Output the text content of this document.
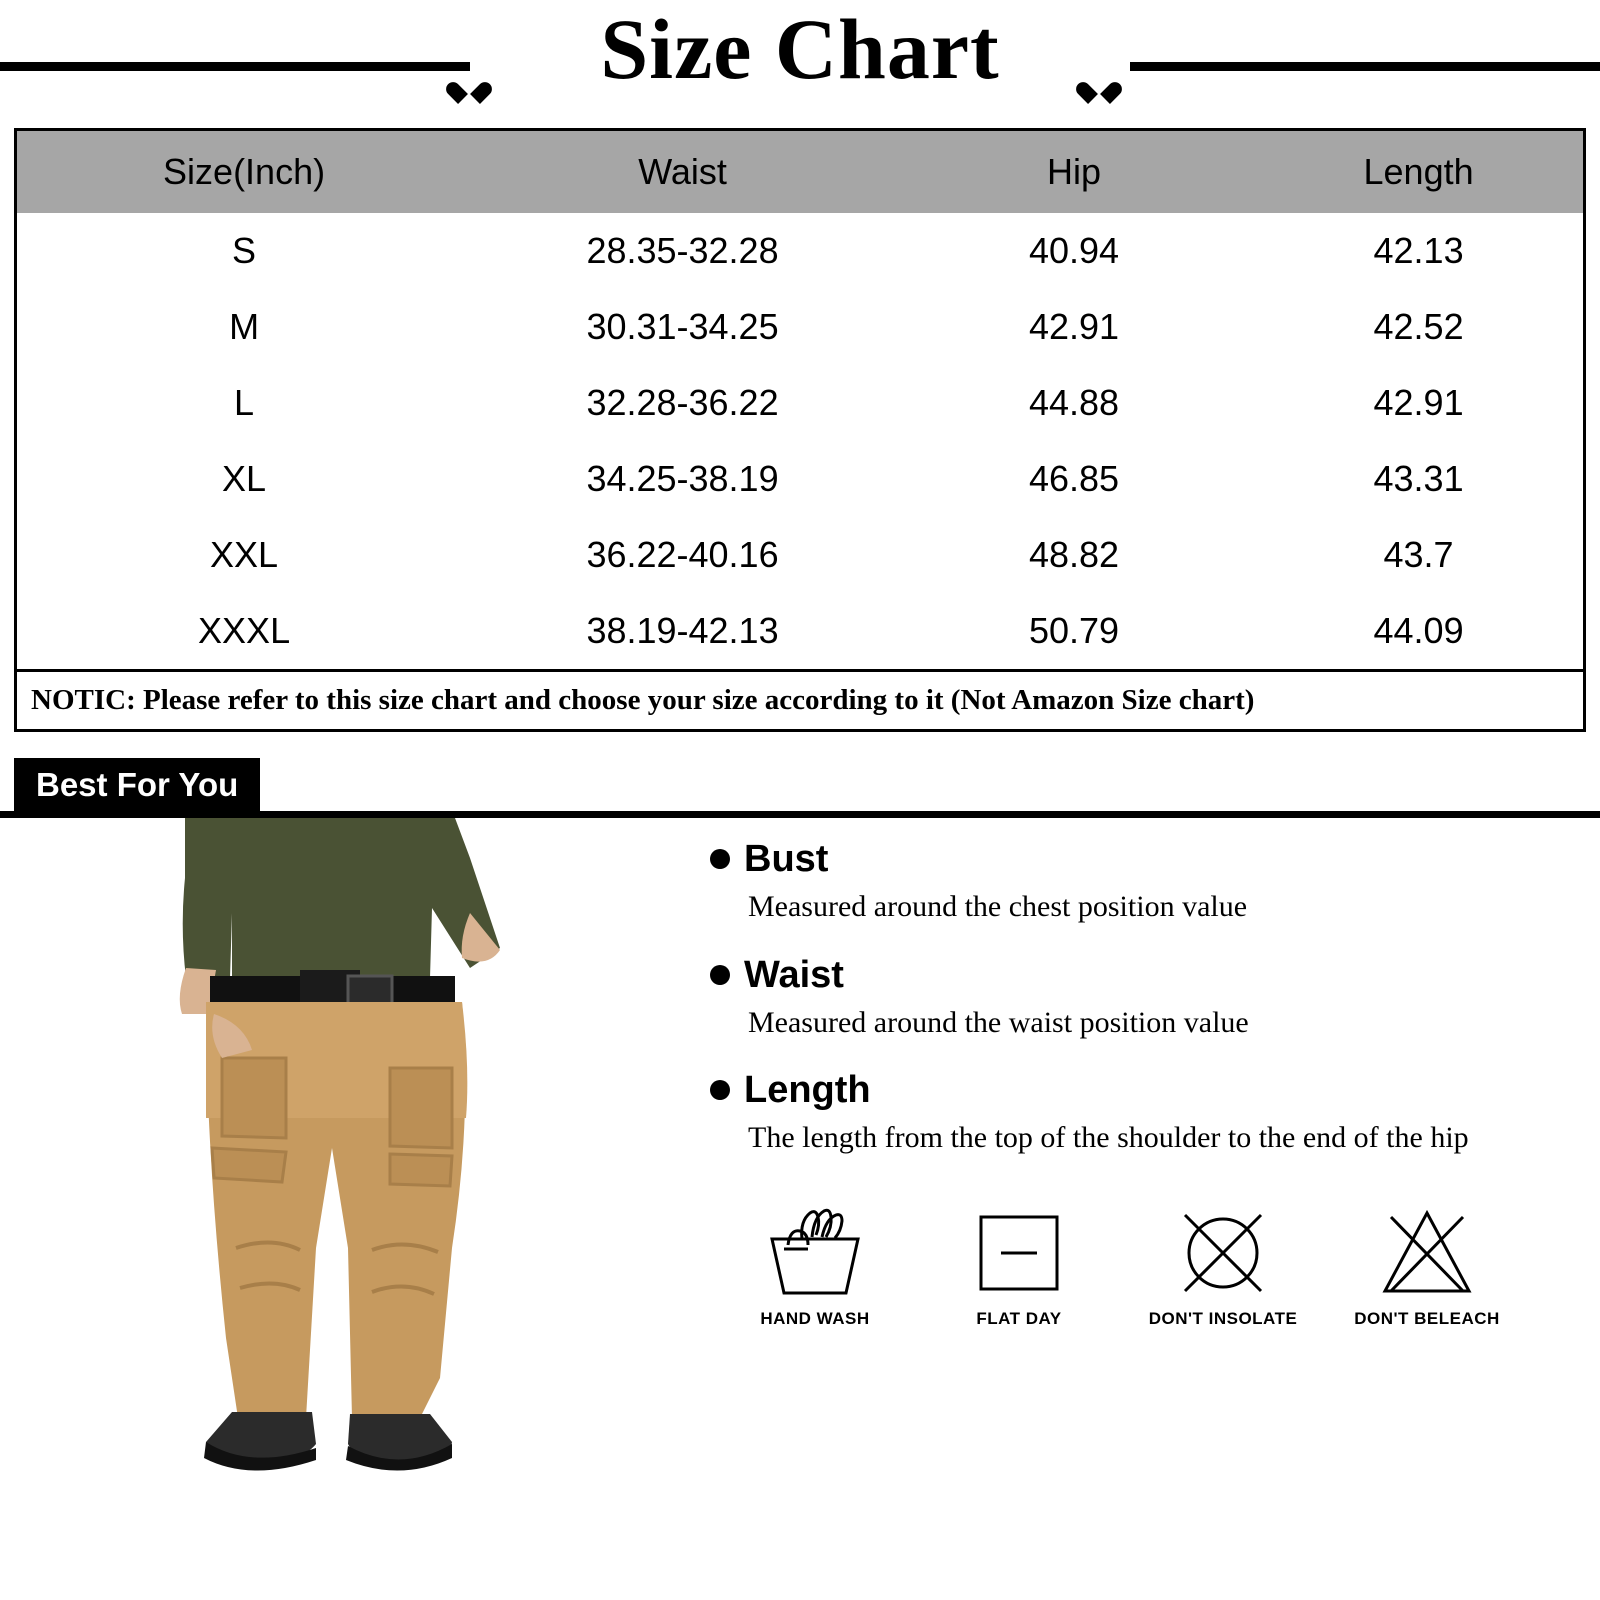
Size Chart
Size(Inch)	Waist	Hip	Length
S	28.35-32.28	40.94	42.13
M	30.31-34.25	42.91	42.52
L	32.28-36.22	44.88	42.91
XL	34.25-38.19	46.85	43.31
XXL	36.22-40.16	48.82	43.7
XXXL	38.19-42.13	50.79	44.09
NOTIC: Please refer to this size chart and choose your size according to it (Not Amazon Size chart)
Best For You
Bust
Measured around the chest position value
Waist
Measured around the waist position value
Length
The length from the top of the shoulder to the end of the hip
HAND WASH	FLAT DAY	DON'T INSOLATE	DON'T BELEACH
